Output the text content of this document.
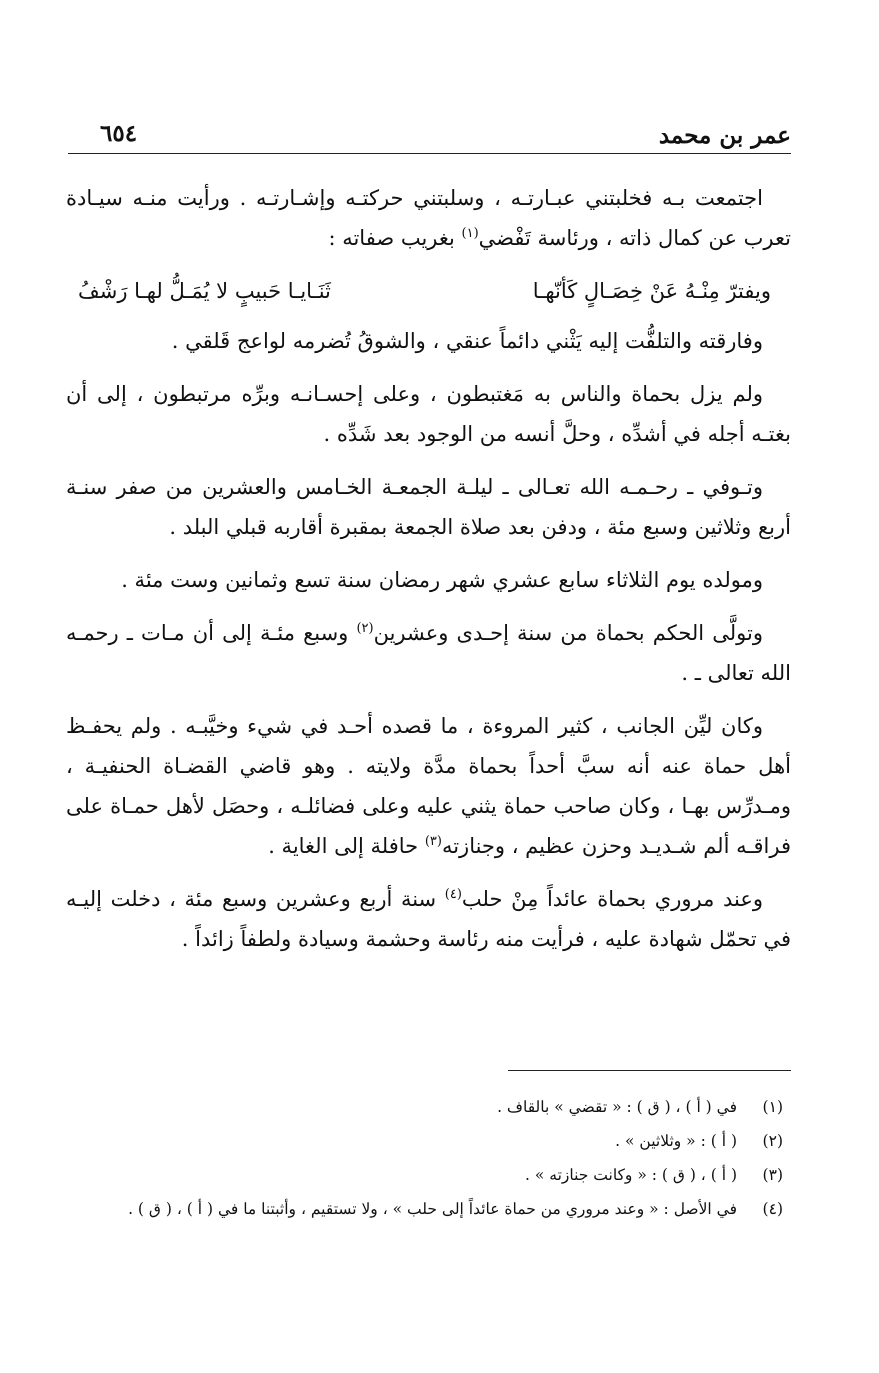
عمر بن محمد
٦٥٤

اجتمعت بـه فخلبتني عبـارتـه ، وسلبتني حركتـه وإشـارتـه . ورأيت منـه سيـادة تعرب عن كمال ذاته ، ورئاسة تَفْضي$^{(١)}$ بغريب صفاته :

ويفترّ مِنْـهُ عَنْ خِصَـالٍ كَأنّهـا
ثَنَـايـا حَبيبٍ لا يُمَـلُّ لهـا رَشْفُ

وفارقته والتلفُّت إليه يَثْني دائماً عنقي ، والشوقُ تُضرمه لواعج قَلقي .

ولم يزل بحماة والناس به مَغتبطون ، وعلى إحسـانـه وبرِّه مرتبطون ، إلى أن بغتـه أجله في أشدِّه ، وحلَّ أنسه من الوجود بعد شَدِّه .

وتـوفي ـ رحـمـه الله تعـالى ـ ليلـة الجمعـة الخـامس والعشرين من صفر سنـة أربع وثلاثين وسبع مئة ، ودفن بعد صلاة الجمعة بمقبرة أقاربه قبلي البلد .

ومولده يوم الثلاثاء سابع عشري شهر رمضان سنة تسع وثمانين وست مئة .

وتولَّى الحكم بحماة من سنة إحـدى وعشرين$^{(٢)}$ وسبع مئـة إلى أن مـات ـ رحمـه الله تعالى ـ .

وكان ليِّن الجانب ، كثير المروءة ، ما قصده أحـد في شيء وخيَّبـه . ولم يحفـظ أهل حماة عنه أنه سبَّ أحداً بحماة مدَّة ولايته . وهو قاضي القضـاة الحنفيـة ، ومـدرِّس بهـا ، وكان صاحب حماة يثني عليه وعلى فضائلـه ، وحصَل لأهل حمـاة على فراقـه ألم شـديـد وحزن عظيم ، وجنازته$^{(٣)}$ حافلة إلى الغاية .

وعند مروري بحماة عائداً مِنْ حلب$^{(٤)}$ سنة أربع وعشرين وسبع مئة ، دخلت إليـه في تحمّل شهادة عليه ، فرأيت منه رئاسة وحشمة وسيادة ولطفاً زائداً .

(١)
في ( أ ) ، ( ق ) : « تقضي » بالقاف .
(٢)
( أ ) : « وثلاثين » .
(٣)
( أ ) ، ( ق ) : « وكانت جنازته » .
(٤)
في الأصل : « وعند مروري من حماة عائداً إلى حلب » ، ولا تستقيم ، وأثبتنا ما في ( أ ) ، ( ق ) .
